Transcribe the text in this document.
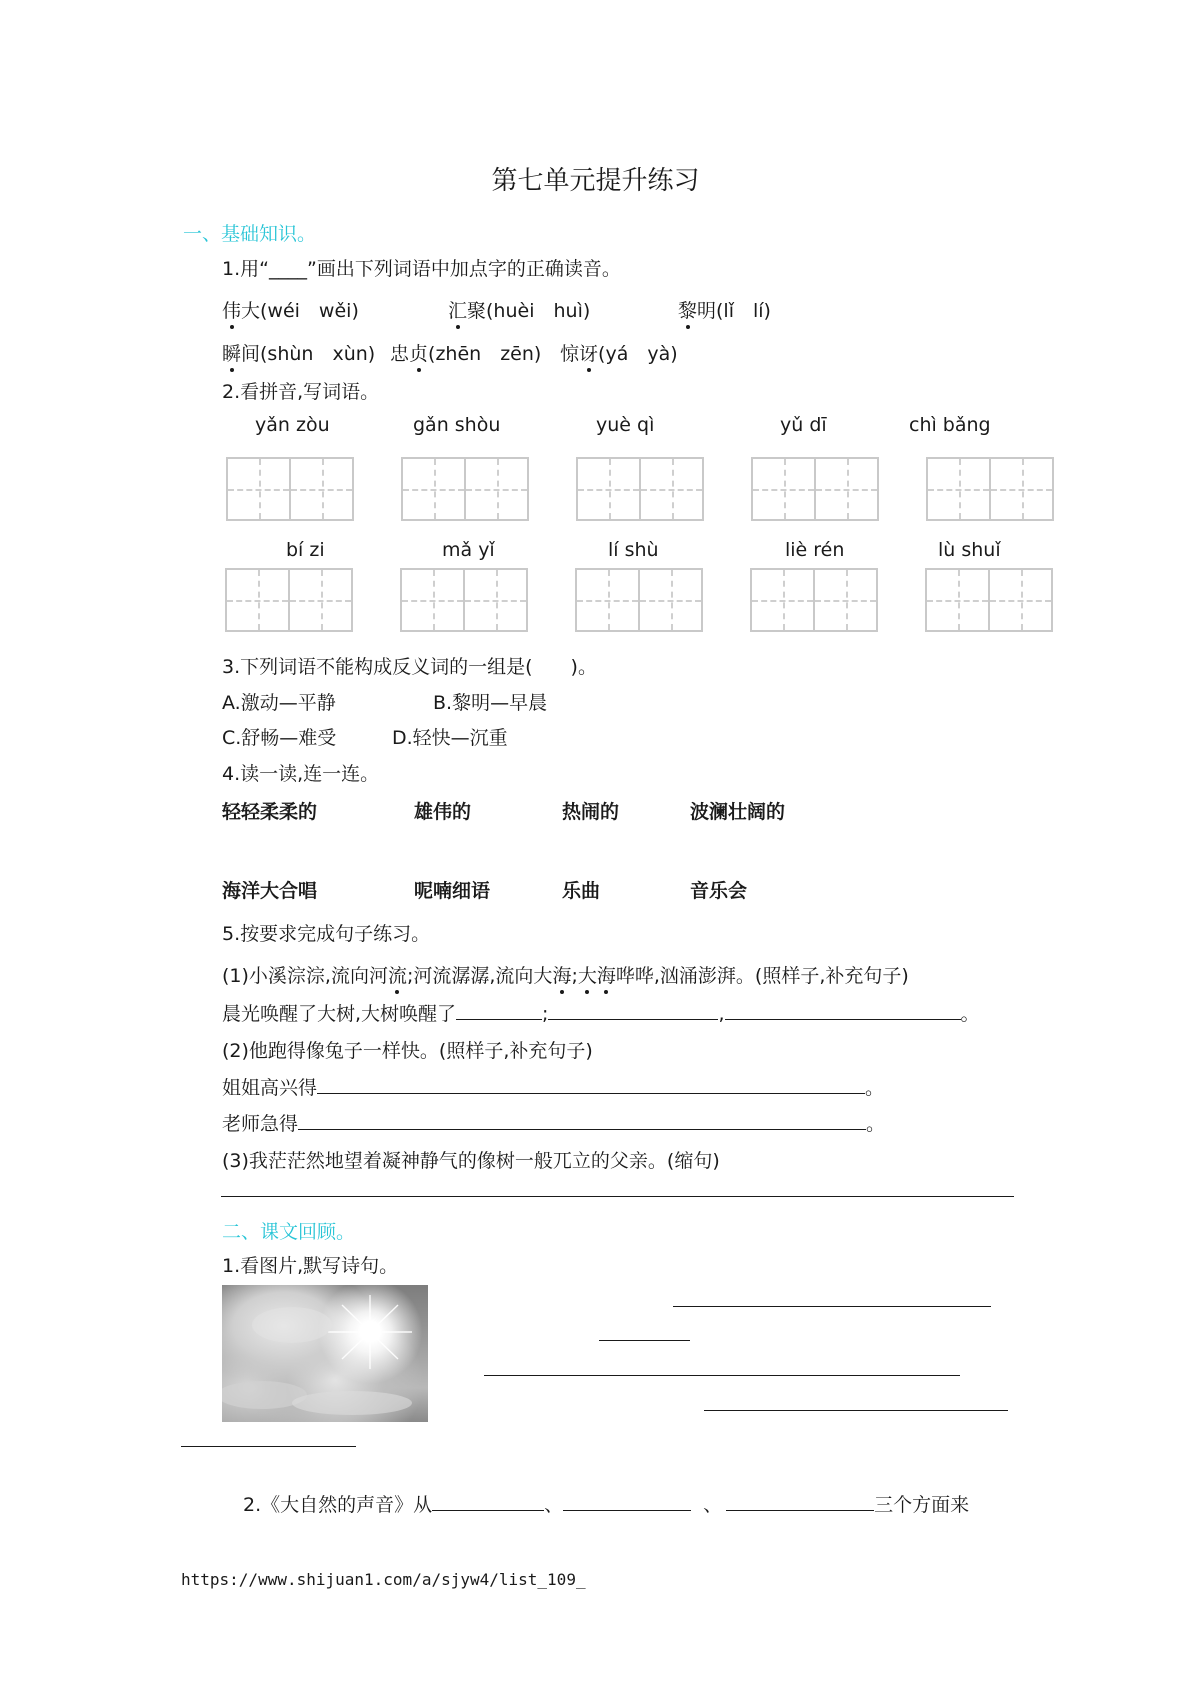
第七单元提升练习
一、基础知识。
1.用“____”画出下列词语中加点字的正确读音。
伟大(wéi　wěi)	汇聚(huèi　huì)	黎明(lǐ　lí)
瞬间(shùn　xùn) 忠贞(zhēn　zēn) 惊讶(yá　yà)
2.看拼音,写词语。
yǎn zòu	gǎn shòu	yuè qì	yǔ dī	chì bǎng
bí zi	mǎ yǐ	lí shù	liè rén	lù shuǐ
3.下列词语不能构成反义词的一组是(　　)。
A.激动—平静	B.黎明—早晨
C.舒畅—难受	D.轻快—沉重
4.读一读,连一连。
轻轻柔柔的	雄伟的	热闹的	波澜壮阔的
海洋大合唱	呢喃细语	乐曲	音乐会
5.按要求完成句子练习。
(1)小溪淙淙,流向河流;河流潺潺,流向大海;大海哗哗,汹涌澎湃。(照样子,补充句子)
晨光唤醒了大树,大树唤醒了	;	,	。
(2)他跑得像兔子一样快。(照样子,补充句子)
姐姐高兴得	。
老师急得	。
(3)我茫茫然地望着凝神静气的像树一般兀立的父亲。(缩句)
二、课文回顾。
1.看图片,默写诗句。
2.《大自然的声音》从	、	、	三个方面来
https://www.shijuan1.com/a/sjyw4/list_109_
